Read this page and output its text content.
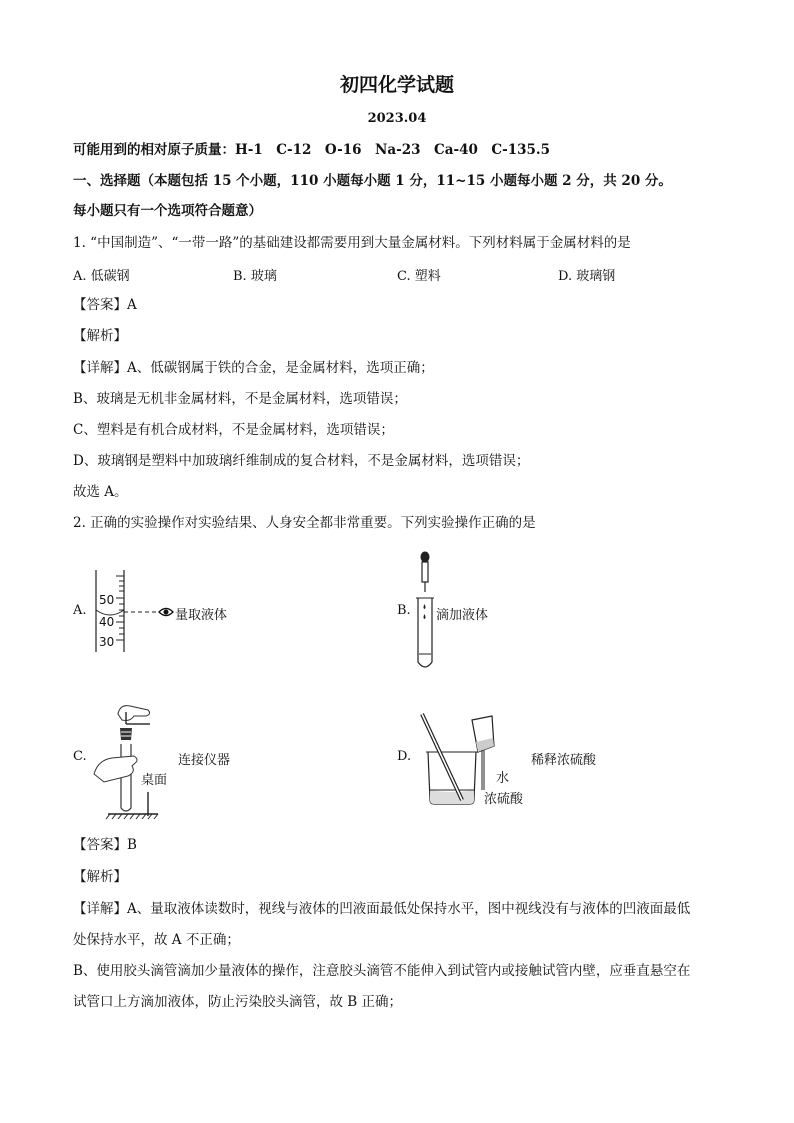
初四化学试题
2023.04
可能用到的相对原子质量：H-1　C-12　O-16　Na-23　Ca-40　C-135.5
一、选择题（本题包括 15 个小题，110 小题每小题 1 分，11~15 小题每小题 2 分，共 20 分。
每小题只有一个选项符合题意）
1. “中国制造”、“一带一路”的基础建设都需要用到大量金属材料。下列材料属于金属材料的是
A. 低碳钢	B. 玻璃	C. 塑料	D. 玻璃钢
【答案】A
【解析】
【详解】A、低碳钢属于铁的合金，是金属材料，选项正确；
B、玻璃是无机非金属材料，不是金属材料，选项错误；
C、塑料是有机合成材料，不是金属材料，选项错误；
D、玻璃钢是塑料中加玻璃纤维制成的复合材料，不是金属材料，选项错误；
故选 A。
2. 正确的实验操作对实验结果、人身安全都非常重要。下列实验操作正确的是
A.
50
40
30
量取液体	B. 滴加液体
C.	连接仪器
桌面
D.	稀释浓硫酸
水
浓硫酸
【答案】B
【解析】
【详解】A、量取液体读数时，视线与液体的凹液面最低处保持水平，图中视线没有与液体的凹液面最低
处保持水平，故 A 不正确；
B、使用胶头滴管滴加少量液体的操作，注意胶头滴管不能伸入到试管内或接触试管内壁，应垂直悬空在
试管口上方滴加液体，防止污染胶头滴管，故 B 正确；
